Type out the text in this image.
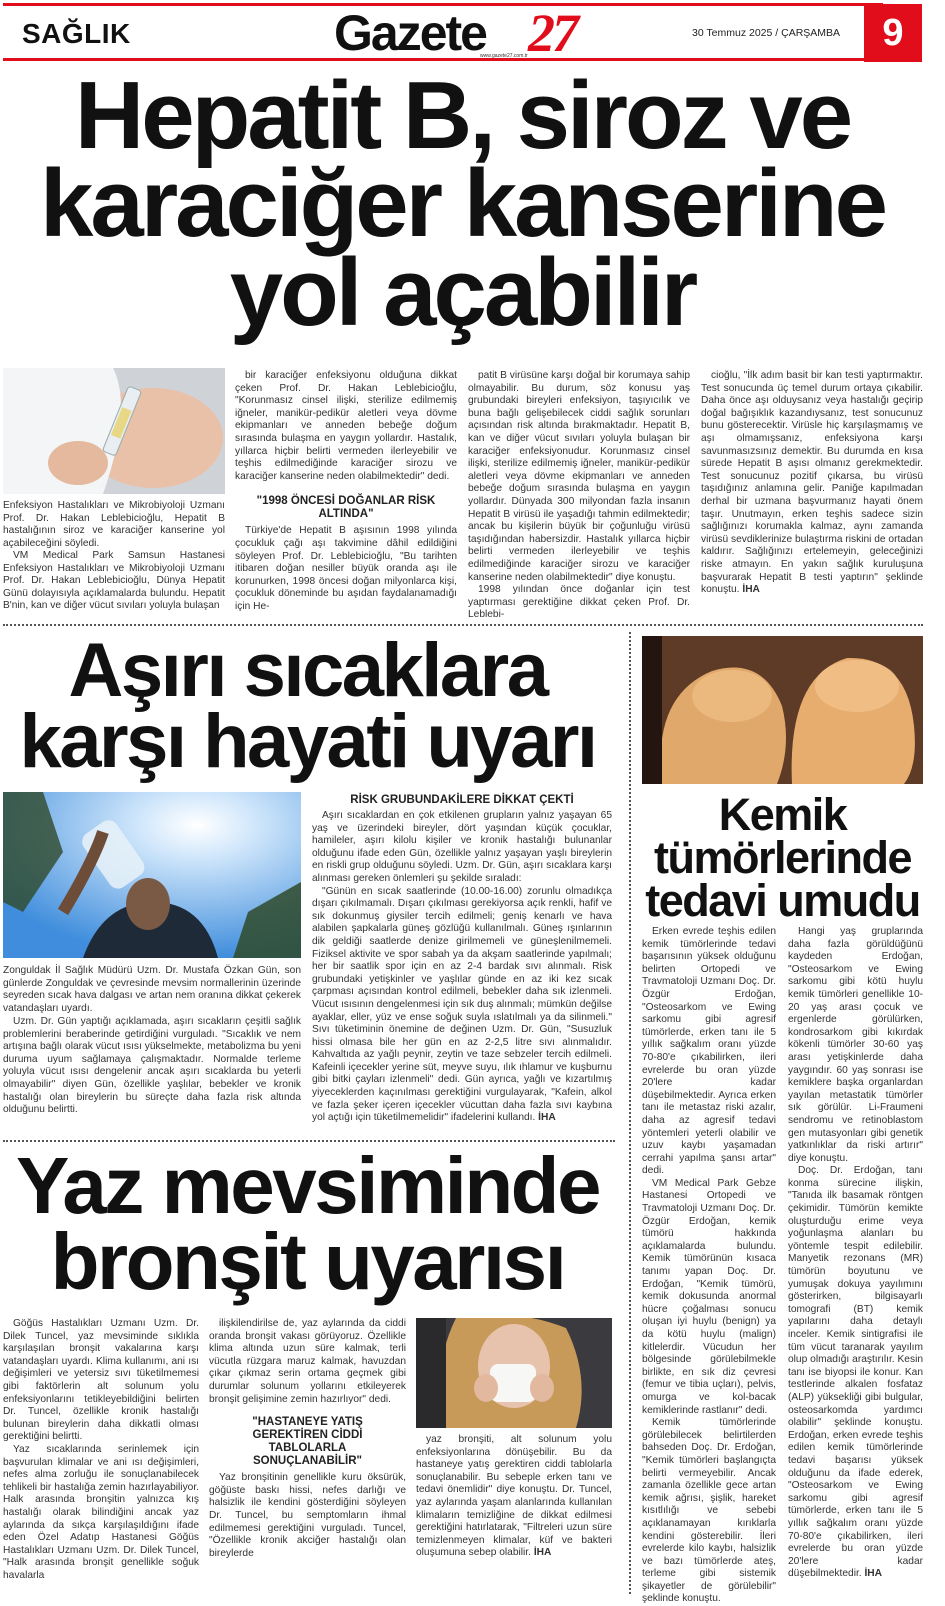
SAĞLIK	Gazete 27
www.gazete27.com.tr
30 Temmuz 2025 / ÇARŞAMBA	9
Hepatit B, siroz ve
karaciğer kanserine
yol açabilir
Enfeksiyon Hastalıkları ve Mikrobiyoloji Uzmanı Prof. Dr. Hakan Leblebicioğlu, Hepatit B hastalığının siroz ve karaciğer kanserine yol açabileceğini söyledi.

VM Medical Park Samsun Hastanesi Enfeksiyon Hastalıkları ve Mikrobiyoloji Uzmanı Prof. Dr. Hakan Leblebicioğlu, Dünya Hepatit Günü dolayısıyla açıklamalarda bulundu. Hepatit B'nin, kan ve diğer vücut sıvıları yoluyla bulaşan

bir karaciğer enfeksiyonu olduğuna dikkat çeken Prof. Dr. Hakan Leblebicioğlu, "Korunmasız cinsel ilişki, sterilize edilmemiş iğneler, manikür-pedikür aletleri veya dövme ekipmanları ve anneden bebeğe doğum sırasında bulaşma en yaygın yollardır. Hastalık, yıllarca hiçbir belirti vermeden ilerleyebilir ve teşhis edilmediğinde karaciğer sirozu ve karaciğer kanserine neden olabilmektedir" dedi.

"1998 ÖNCESİ DOĞANLAR RİSK ALTINDA"

Türkiye'de Hepatit B aşısının 1998 yılında çocukluk çağı aşı takvimine dâhil edildiğini söyleyen Prof. Dr. Leblebicioğlu, "Bu tarihten itibaren doğan nesiller büyük oranda aşı ile korunurken, 1998 öncesi doğan milyonlarca kişi, çocukluk döneminde bu aşıdan faydalanamadığı için He-

patit B virüsüne karşı doğal bir korumaya sahip olmayabilir. Bu durum, söz konusu yaş grubundaki bireyleri enfeksiyon, taşıyıcılık ve buna bağlı gelişebilecek ciddi sağlık sorunları açısından risk altında bırakmaktadır. Hepatit B, kan ve diğer vücut sıvıları yoluyla bulaşan bir karaciğer enfeksiyonudur. Korunmasız cinsel ilişki, sterilize edilmemiş iğneler, manikür-pedikür aletleri veya dövme ekipmanları ve anneden bebeğe doğum sırasında bulaşma en yaygın yollardır. Dünyada 300 milyondan fazla insanın Hepatit B virüsü ile yaşadığı tahmin edilmektedir; ancak bu kişilerin büyük bir çoğunluğu virüsü taşıdığından habersizdir. Hastalık yıllarca hiçbir belirti vermeden ilerleyebilir ve teşhis edilmediğinde karaciğer sirozu ve karaciğer kanserine neden olabilmektedir" diye konuştu.

1998 yılından önce doğanlar için test yaptırması gerektiğine dikkat çeken Prof. Dr. Leblebi-

cioğlu, "İlk adım basit bir kan testi yaptırmaktır. Test sonucunda üç temel durum ortaya çıkabilir. Daha önce aşı olduysanız veya hastalığı geçirip doğal bağışıklık kazandıysanız, test sonucunuz bunu gösterecektir. Virüsle hiç karşılaşmamış ve aşı olmamışsanız, enfeksiyona karşı savunmasızsınız demektir. Bu durumda en kısa sürede Hepatit B aşısı olmanız gerekmektedir. Test sonucunuz pozitif çıkarsa, bu virüsü taşıdığınız anlamına gelir. Paniğe kapılmadan derhal bir uzmana başvurmanız hayati önem taşır. Unutmayın, erken teşhis sadece sizin sağlığınızı korumakla kalmaz, aynı zamanda virüsü sevdiklerinize bulaştırma riskini de ortadan kaldırır. Sağlığınızı ertelemeyin, geleceğinizi riske atmayın. En yakın sağlık kuruluşuna başvurarak Hepatit B testi yaptırın" şeklinde konuştu. İHA

Aşırı sıcaklara
karşı hayati uyarı
Zonguldak İl Sağlık Müdürü Uzm. Dr. Mustafa Özkan Gün, son günlerde Zonguldak ve çevresinde mevsim normallerinin üzerinde seyreden sıcak hava dalgası ve artan nem oranına dikkat çekerek vatandaşları uyardı.

Uzm. Dr. Gün yaptığı açıklamada, aşırı sıcakların çeşitli sağlık problemlerini beraberinde getirdiğini vurguladı. "Sıcaklık ve nem artışına bağlı olarak vücut ısısı yükselmekte, metabolizma bu yeni duruma uyum sağlamaya çalışmaktadır. Normalde terleme yoluyla vücut ısısı dengelenir ancak aşırı sıcaklarda bu yeterli olmayabilir" diyen Gün, özellikle yaşlılar, bebekler ve kronik hastalığı olan bireylerin bu süreçte daha fazla risk altında olduğunu belirtti.

RİSK GRUBUNDAKİLERE DİKKAT ÇEKTİ

Aşırı sıcaklardan en çok etkilenen grupların yalnız yaşayan 65 yaş ve üzerindeki bireyler, dört yaşından küçük çocuklar, hamileler, aşırı kilolu kişiler ve kronik hastalığı bulunanlar olduğunu ifade eden Gün, özellikle yalnız yaşayan yaşlı bireylerin en riskli grup olduğunu söyledi. Uzm. Dr. Gün, aşırı sıcaklara karşı alınması gereken önlemleri şu şekilde sıraladı:

"Günün en sıcak saatlerinde (10.00-16.00) zorunlu olmadıkça dışarı çıkılmamalı. Dışarı çıkılması gerekiyorsa açık renkli, hafif ve sık dokunmuş giysiler tercih edilmeli; geniş kenarlı ve hava alabilen şapkalarla güneş gözlüğü kullanılmalı. Güneş ışınlarının dik geldiği saatlerde denize girilmemeli ve güneşlenilmemeli. Fiziksel aktivite ve spor sabah ya da akşam saatlerinde yapılmalı; her bir saatlik spor için en az 2-4 bardak sıvı alınmalı. Risk grubundaki yetişkinler ve yaşlılar günde en az iki kez sıcak çarpması açısından kontrol edilmeli, bebekler daha sık izlenmeli. Vücut ısısının dengelenmesi için sık duş alınmalı; mümkün değilse ayaklar, eller, yüz ve ense soğuk suyla ıslatılmalı ya da silinmeli." Sıvı tüketiminin önemine de değinen Uzm. Dr. Gün, "Susuzluk hissi olmasa bile her gün en az 2-2,5 litre sıvı alınmalıdır. Kahvaltıda az yağlı peynir, zeytin ve taze sebzeler tercih edilmeli. Kafeinli içecekler yerine süt, meyve suyu, ılık ıhlamur ve kuşburnu gibi bitki çayları izlenmeli" dedi. Gün ayrıca, yağlı ve kızartılmış yiyeceklerden kaçınılması gerektiğini vurgulayarak, "Kafein, alkol ve fazla şeker içeren içecekler vücuttan daha fazla sıvı kaybına yol açtığı için tüketilmemelidir" ifadelerini kullandı. İHA

Yaz mevsiminde
bronşit uyarısı

Göğüs Hastalıkları Uzmanı Uzm. Dr. Dilek Tuncel, yaz mevsiminde sıklıkla karşılaşılan bronşit vakalarına karşı vatandaşları uyardı. Klima kullanımı, ani ısı değişimleri ve yetersiz sıvı tüketilmemesi gibi faktörlerin alt solunum yolu enfeksiyonlarını tetikleyebildiğini belirten Dr. Tuncel, özellikle kronik hastalığı bulunan bireylerin daha dikkatli olması gerektiğini belirtti.

Yaz sıcaklarında serinlemek için başvurulan klimalar ve ani ısı değişimleri, nefes alma zorluğu ile sonuçlanabilecek tehlikeli bir hastalığa zemin hazırlayabiliyor. Halk arasında bronşitin yalnızca kış hastalığı olarak bilindiğini ancak yaz aylarında da sıkça karşılaşıldığını ifade eden Özel Adatıp Hastanesi Göğüs Hastalıkları Uzmanı Uzm. Dr. Dilek Tuncel, "Halk arasında bronşit genellikle soğuk havalarla

ilişkilendirilse de, yaz aylarında da ciddi oranda bronşit vakası görüyoruz. Özellikle klima altında uzun süre kalmak, terli vücutla rüzgara maruz kalmak, havuzdan çıkar çıkmaz serin ortama geçmek gibi durumlar solunum yollarını etkileyerek bronşit gelişimine zemin hazırlıyor" dedi.

"HASTANEYE YATIŞ GEREKTİREN CİDDİ TABLOLARLA SONUÇLANABİLİR"

Yaz bronşitinin genellikle kuru öksürük, göğüste baskı hissi, nefes darlığı ve halsizlik ile kendini gösterdiğini söyleyen Dr. Tuncel, bu semptomların ihmal edilmemesi gerektiğini vurguladı. Tuncel, "Özellikle kronik akciğer hastalığı olan bireylerde

yaz bronşiti, alt solunum yolu enfeksiyonlarına dönüşebilir. Bu da hastaneye yatış gerektiren ciddi tablolarla sonuçlanabilir. Bu sebeple erken tanı ve tedavi önemlidir" diye konuştu. Dr. Tuncel, yaz aylarında yaşam alanlarında kullanılan klimaların temizliğine de dikkat edilmesi gerektiğini hatırlatarak, "Filtreleri uzun süre temizlenmeyen klimalar, küf ve bakteri oluşumuna sebep olabilir. İHA

Kemik
tümörlerinde
tedavi umudu

Erken evrede teşhis edilen kemik tümörlerinde tedavi başarısının yüksek olduğunu belirten Ortopedi ve Travmatoloji Uzmanı Doç. Dr. Özgür Erdoğan, "Osteosarkom ve Ewing sarkomu gibi agresif tümörlerde, erken tanı ile 5 yıllık sağkalım oranı yüzde 70-80'e çıkabilirken, ileri evrelerde bu oran yüzde 20'lere kadar düşebilmektedir. Ayrıca erken tanı ile metastaz riski azalır, daha az agresif tedavi yöntemleri yeterli olabilir ve uzuv kaybı yaşamadan cerrahi yapılma şansı artar" dedi.

VM Medical Park Gebze Hastanesi Ortopedi ve Travmatoloji Uzmanı Doç. Dr. Özgür Erdoğan, kemik tümörü hakkında açıklamalarda bulundu. Kemik tümörünün kısaca tanımı yapan Doç. Dr. Erdoğan, "Kemik tümörü, kemik dokusunda anormal hücre çoğalması sonucu oluşan iyi huylu (benign) ya da kötü huylu (malign) kitlelerdir. Vücudun her bölgesinde görülebilmekle birlikte, en sık diz çevresi (femur ve tibia uçları), pelvis, omurga ve kol-bacak kemiklerinde rastlanır" dedi.

Kemik tümörlerinde görülebilecek belirtilerden bahseden Doç. Dr. Erdoğan, "Kemik tümörleri başlangıçta belirti vermeyebilir. Ancak zamanla özellikle gece artan kemik ağrısı, şişlik, hareket kısıtlılığı ve sebebi açıklanamayan kırıklarla kendini gösterebilir. İleri evrelerde kilo kaybı, halsizlik ve bazı tümörlerde ateş, terleme gibi sistemik şikayetler de görülebilir" şeklinde konuştu.

Hangi yaş gruplarında daha fazla görüldüğünü kaydeden Erdoğan, "Osteosarkom ve Ewing sarkomu gibi kötü huylu kemik tümörleri genellikle 10-20 yaş arası çocuk ve ergenlerde görülürken, kondrosarkom gibi kıkırdak kökenli tümörler 30-60 yaş arası yetişkinlerde daha yaygındır. 60 yaş sonrası ise kemiklere başka organlardan yayılan metastatik tümörler sık görülür. Li-Fraumeni sendromu ve retinoblastom gen mutasyonları gibi genetik yatkınlıklar da riski artırır" diye konuştu.

Doç. Dr. Erdoğan, tanı konma sürecine ilişkin, "Tanıda ilk basamak röntgen çekimidir. Tümörün kemikte oluşturduğu erime veya yoğunlaşma alanları bu yöntemle tespit edilebilir. Manyetik rezonans (MR) tümörün boyutunu ve yumuşak dokuya yayılımını gösterirken, bilgisayarlı tomografi (BT) kemik yapılarını daha detaylı inceler. Kemik sintigrafisi ile tüm vücut taranarak yayılım olup olmadığı araştırılır. Kesin tanı ise biyopsi ile konur. Kan testlerinde alkalen fosfataz (ALP) yüksekliği gibi bulgular, osteosarkomda yardımcı olabilir" şeklinde konuştu. Erdoğan, erken evrede teşhis edilen kemik tümörlerinde tedavi başarısı yüksek olduğunu da ifade ederek, "Osteosarkom ve Ewing sarkomu gibi agresif tümörlerde, erken tanı ile 5 yıllık sağkalım oranı yüzde 70-80'e çıkabilirken, ileri evrelerde bu oran yüzde 20'lere kadar düşebilmektedir. İHA
